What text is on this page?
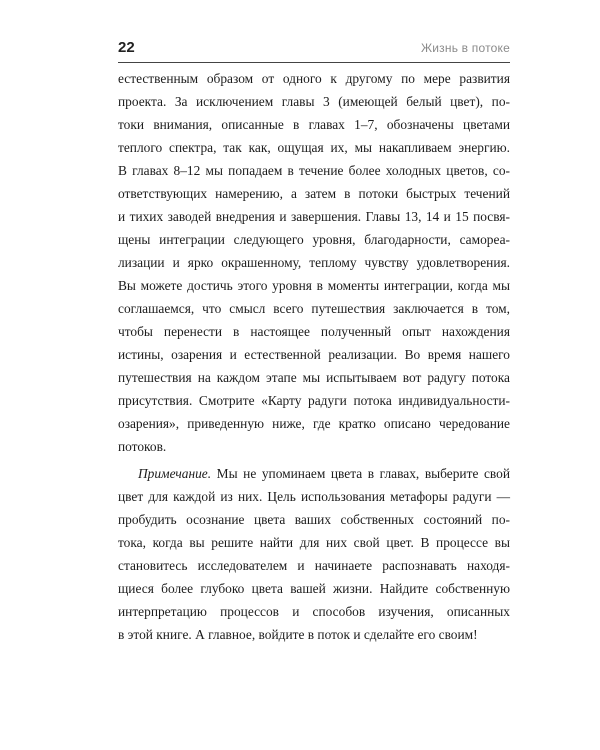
22	Жизнь в потоке
естественным образом от одного к другому по мере развития
проекта. За исключением главы 3 (имеющей белый цвет), по-
токи внимания, описанные в главах 1–7, обозначены цветами
теплого спектра, так как, ощущая их, мы накапливаем энергию.
В главах 8–12 мы попадаем в течение более холодных цветов, со-
ответствующих намерению, а затем в потоки быстрых течений
и тихих заводей внедрения и завершения. Главы 13, 14 и 15 посвя-
щены интеграции следующего уровня, благодарности, самореа-
лизации и ярко окрашенному, теплому чувству удовлетворения.
Вы можете достичь этого уровня в моменты интеграции, когда мы
соглашаемся, что смысл всего путешествия заключается в том,
чтобы перенести в настоящее полученный опыт нахождения
истины, озарения и естественной реализации. Во время нашего
путешествия на каждом этапе мы испытываем вот радугу потока
присутствия. Смотрите «Карту радуги потока индивидуальности-
озарения», приведенную ниже, где кратко описано чередование
потоков.
Примечание. Мы не упоминаем цвета в главах, выберите свой
цвет для каждой из них. Цель использования метафоры радуги —
пробудить осознание цвета ваших собственных состояний по-
тока, когда вы решите найти для них свой цвет. В процессе вы
становитесь исследователем и начинаете распознавать находя-
щиеся более глубоко цвета вашей жизни. Найдите собственную
интерпретацию процессов и способов изучения, описанных
в этой книге. А главное, войдите в поток и сделайте его своим!
